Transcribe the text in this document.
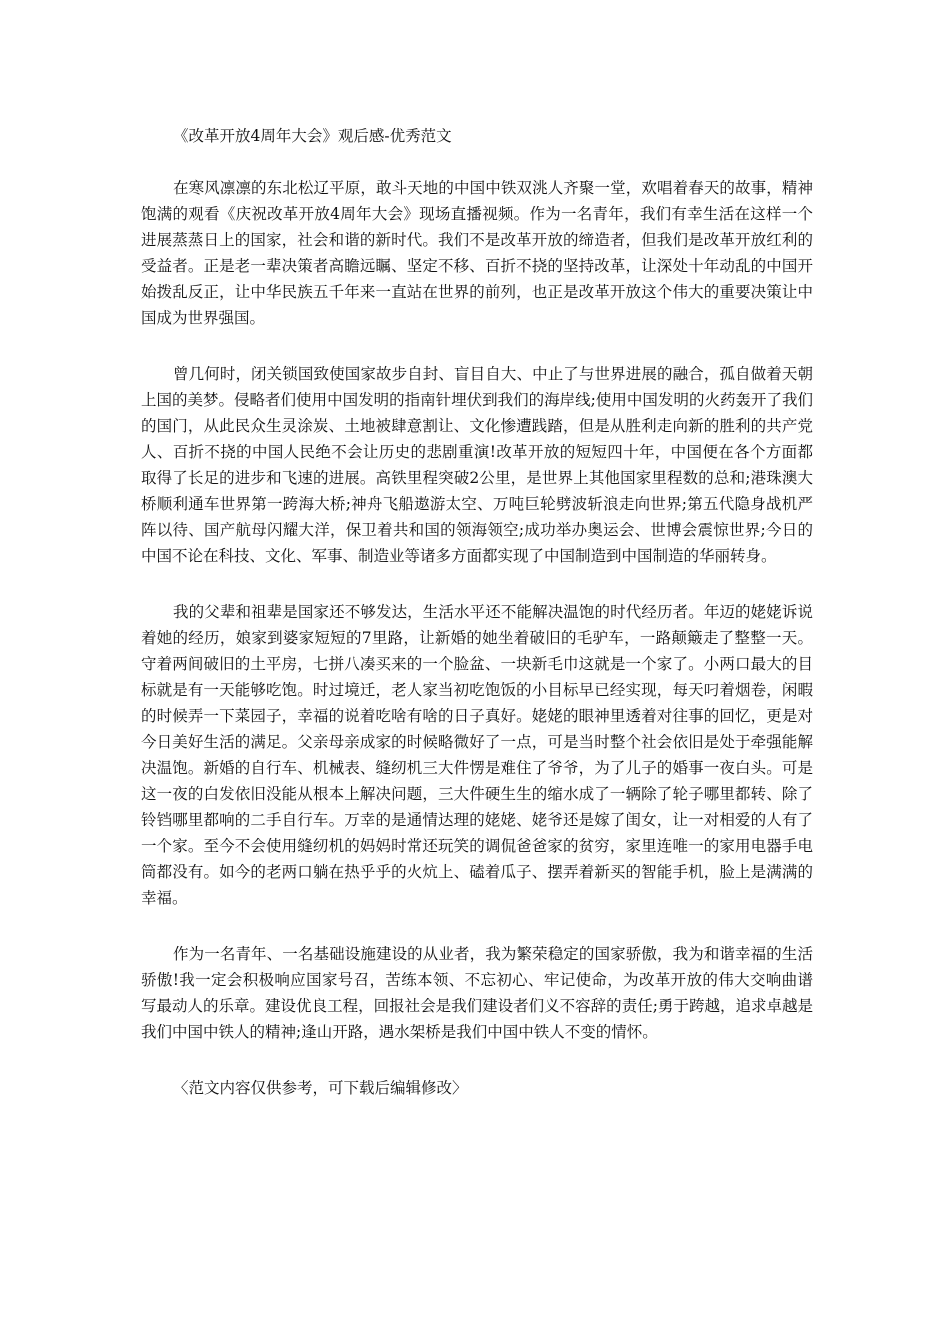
《改革开放4周年大会》观后感-优秀范文

在寒风凛凛的东北松辽平原，敢斗天地的中国中铁双洮人齐聚一堂，欢唱着春天的故事，精神饱满的观看《庆祝改革开放4周年大会》现场直播视频。作为一名青年，我们有幸生活在这样一个进展蒸蒸日上的国家，社会和谐的新时代。我们不是改革开放的缔造者，但我们是改革开放红利的受益者。正是老一辈决策者高瞻远瞩、坚定不移、百折不挠的坚持改革，让深处十年动乱的中国开始拨乱反正，让中华民族五千年来一直站在世界的前列，也正是改革开放这个伟大的重要决策让中国成为世界强国。

曾几何时，闭关锁国致使国家故步自封、盲目自大、中止了与世界进展的融合，孤自做着天朝上国的美梦。侵略者们使用中国发明的指南针埋伏到我们的海岸线;使用中国发明的火药轰开了我们的国门，从此民众生灵涂炭、土地被肆意割让、文化惨遭践踏，但是从胜利走向新的胜利的共产党人、百折不挠的中国人民绝不会让历史的悲剧重演!改革开放的短短四十年，中国便在各个方面都取得了长足的进步和飞速的进展。高铁里程突破2公里，是世界上其他国家里程数的总和;港珠澳大桥顺利通车世界第一跨海大桥;神舟飞船遨游太空、万吨巨轮劈波斩浪走向世界;第五代隐身战机严阵以待、国产航母闪耀大洋，保卫着共和国的领海领空;成功举办奥运会、世博会震惊世界;今日的中国不论在科技、文化、军事、制造业等诸多方面都实现了中国制造到中国制造的华丽转身。

我的父辈和祖辈是国家还不够发达，生活水平还不能解决温饱的时代经历者。年迈的姥姥诉说着她的经历，娘家到婆家短短的7里路，让新婚的她坐着破旧的毛驴车，一路颠簸走了整整一天。守着两间破旧的土平房，七拼八凑买来的一个脸盆、一块新毛巾这就是一个家了。小两口最大的目标就是有一天能够吃饱。时过境迁，老人家当初吃饱饭的小目标早已经实现，每天叼着烟卷，闲暇的时候弄一下菜园子，幸福的说着吃啥有啥的日子真好。姥姥的眼神里透着对往事的回忆，更是对今日美好生活的满足。父亲母亲成家的时候略微好了一点，可是当时整个社会依旧是处于牵强能解决温饱。新婚的自行车、机械表、缝纫机三大件愣是难住了爷爷，为了儿子的婚事一夜白头。可是这一夜的白发依旧没能从根本上解决问题，三大件硬生生的缩水成了一辆除了轮子哪里都转、除了铃铛哪里都响的二手自行车。万幸的是通情达理的姥姥、姥爷还是嫁了闺女，让一对相爱的人有了一个家。至今不会使用缝纫机的妈妈时常还玩笑的调侃爸爸家的贫穷，家里连唯一的家用电器手电筒都没有。如今的老两口躺在热乎乎的火炕上、磕着瓜子、摆弄着新买的智能手机，脸上是满满的幸福。

作为一名青年、一名基础设施建设的从业者，我为繁荣稳定的国家骄傲，我为和谐幸福的生活骄傲!我一定会积极响应国家号召，苦练本领、不忘初心、牢记使命，为改革开放的伟大交响曲谱写最动人的乐章。建设优良工程，回报社会是我们建设者们义不容辞的责任;勇于跨越，追求卓越是我们中国中铁人的精神;逢山开路，遇水架桥是我们中国中铁人不变的情怀。

〈范文内容仅供参考，可下载后编辑修改〉
